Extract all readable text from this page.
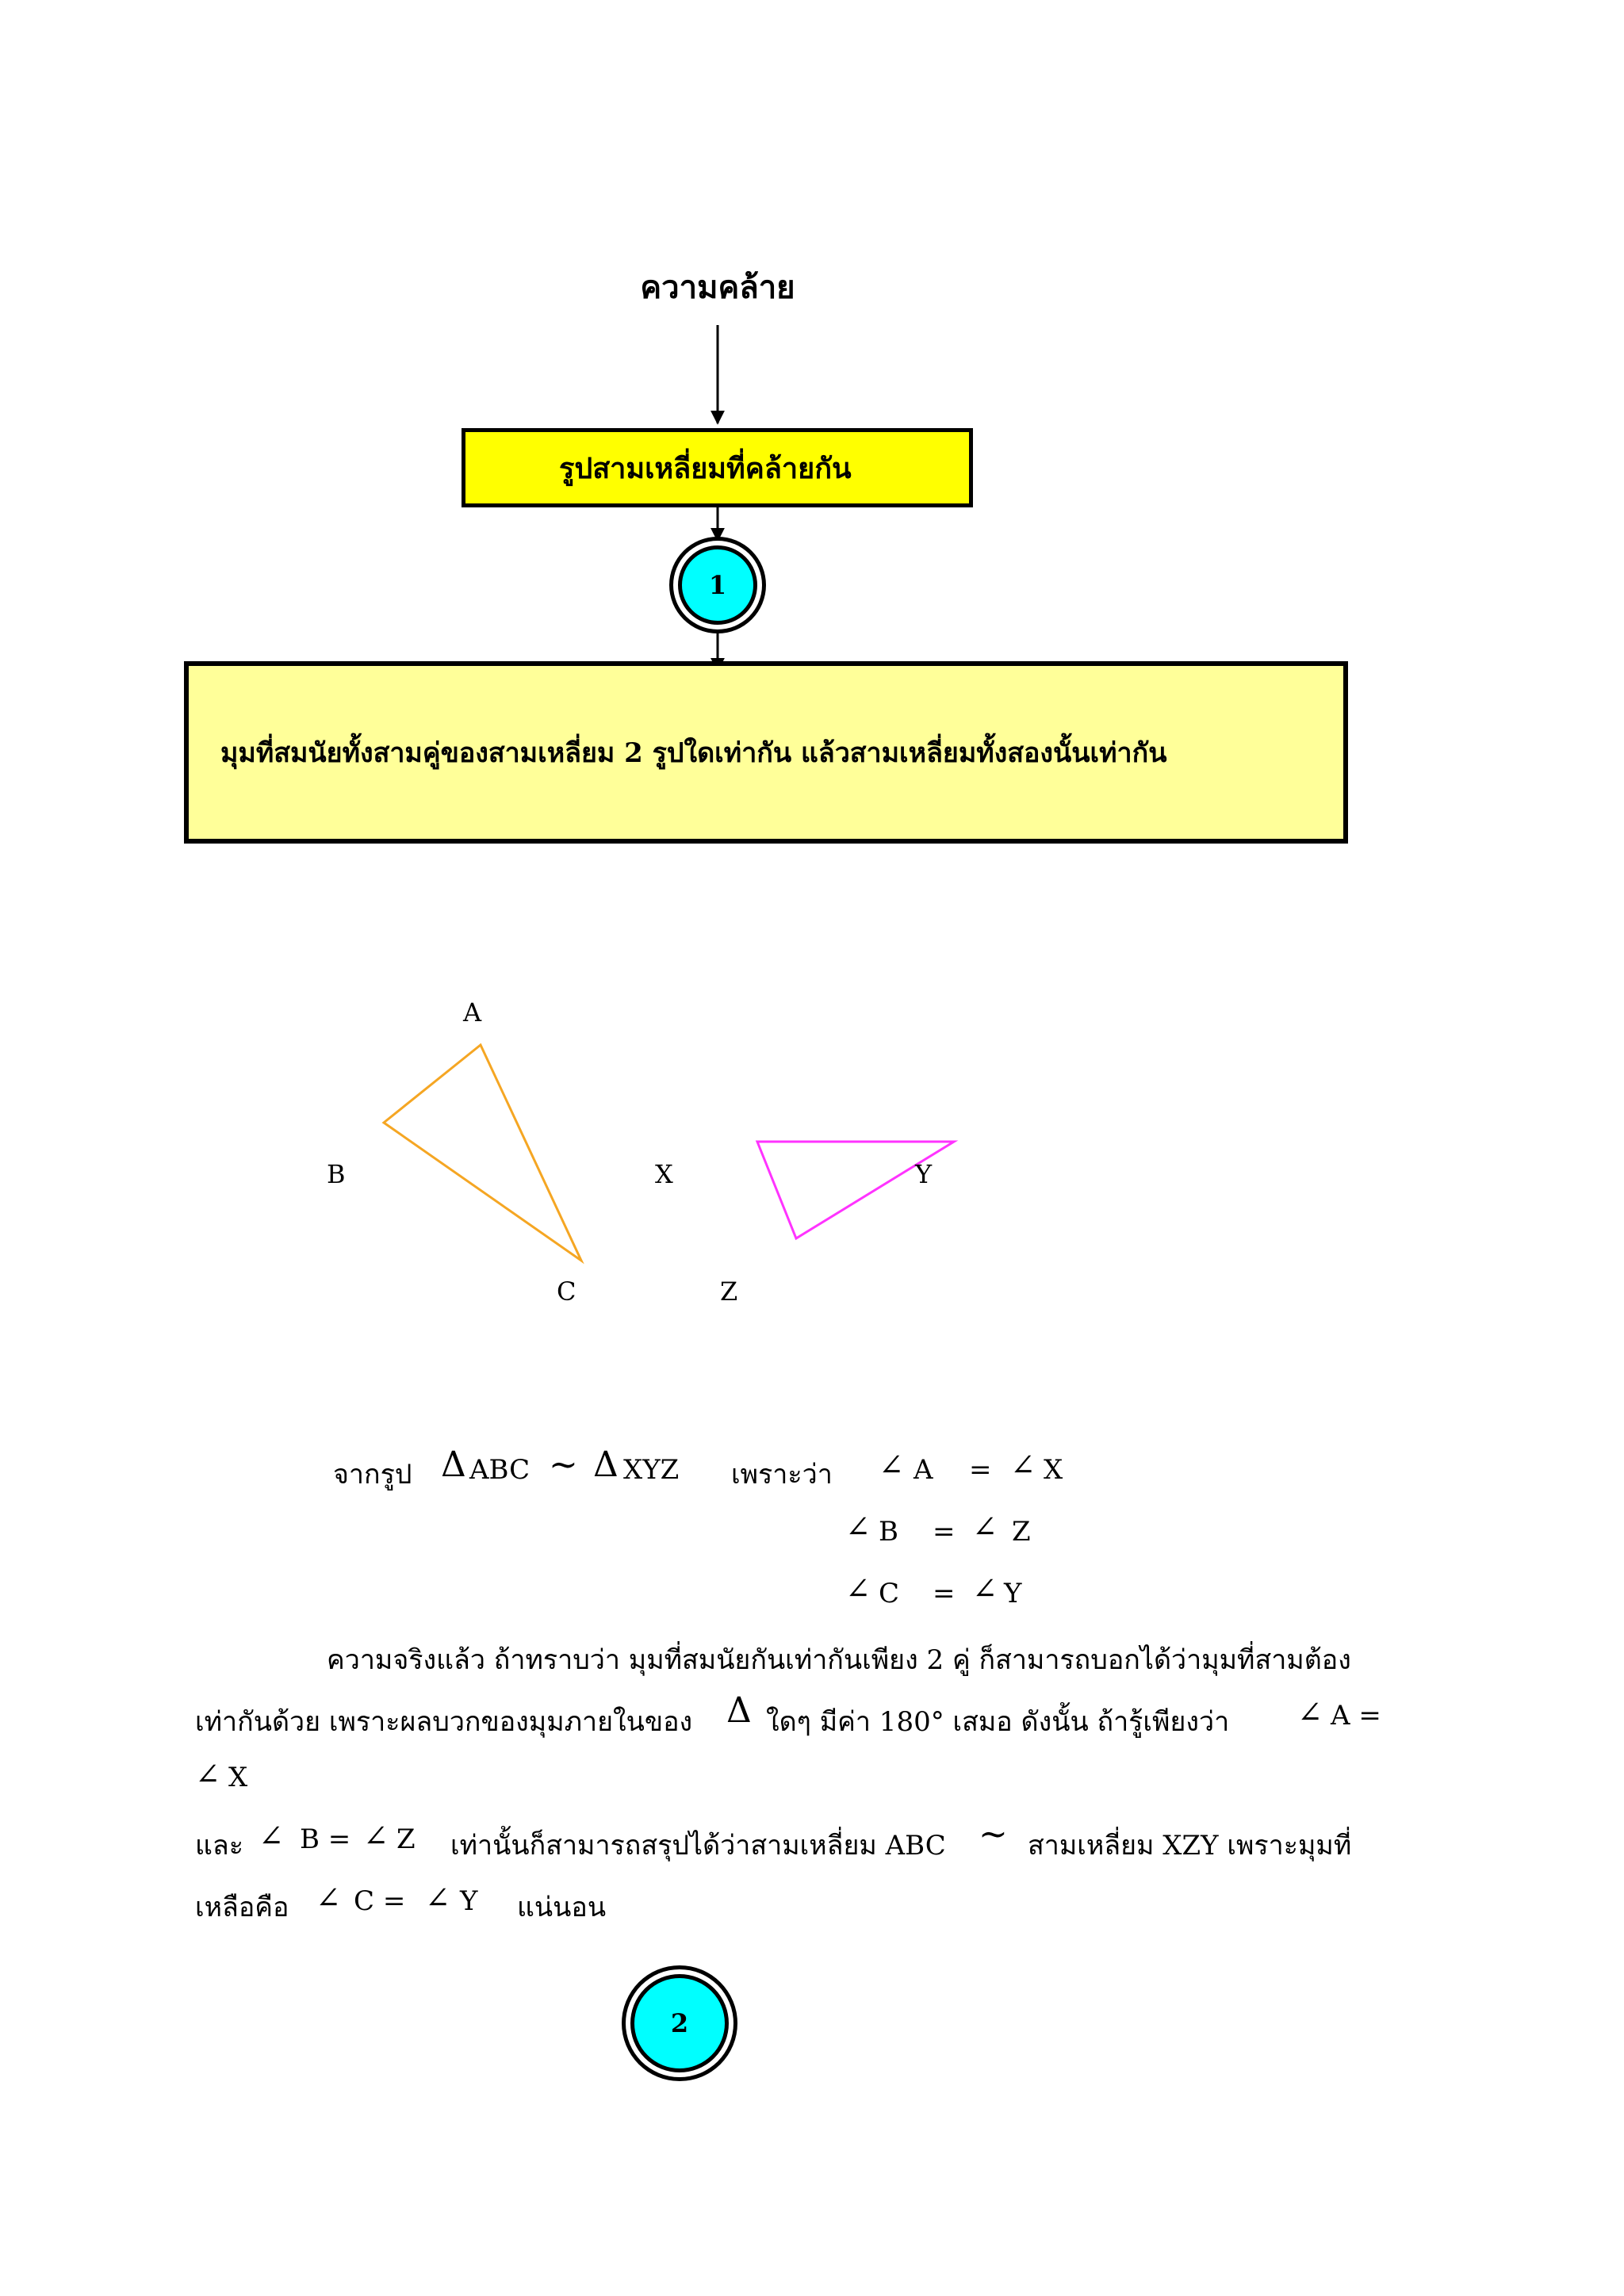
ความคล้าย
รูปสามเหลี่ยมที่คล้ายกัน
1
มุมที่สมนัยทั้งสามคู่ของสามเหลี่ยม 2 รูปใดเท่ากัน แล้วสามเหลี่ยมทั้งสองนั้นเท่ากัน
A
B
C
X	Y
Z
จากรูป Δ ABC ~ Δ XYZ เพราะว่า ∠ A = ∠ X
∠ B = ∠ Z
∠ C = ∠ Y
ความจริงแล้ว ถ้าทราบว่า มุมที่สมนัยกันเท่ากันเพียง 2 คู่ ก็สามารถบอกได้ว่ามุมที่สามต้อง
เท่ากันด้วย เพราะผลบวกของมุมภายในของ Δ ใดๆ มีค่า 180° เสมอ ดังนั้น ถ้ารู้เพียงว่า ∠ A =
∠ X
และ ∠ B = ∠ Z เท่านั้นก็สามารถสรุปได้ว่าสามเหลี่ยม ABC ~ สามเหลี่ยม XZY เพราะมุมที่
เหลือคือ ∠ C = ∠ Y แน่นอน
2
